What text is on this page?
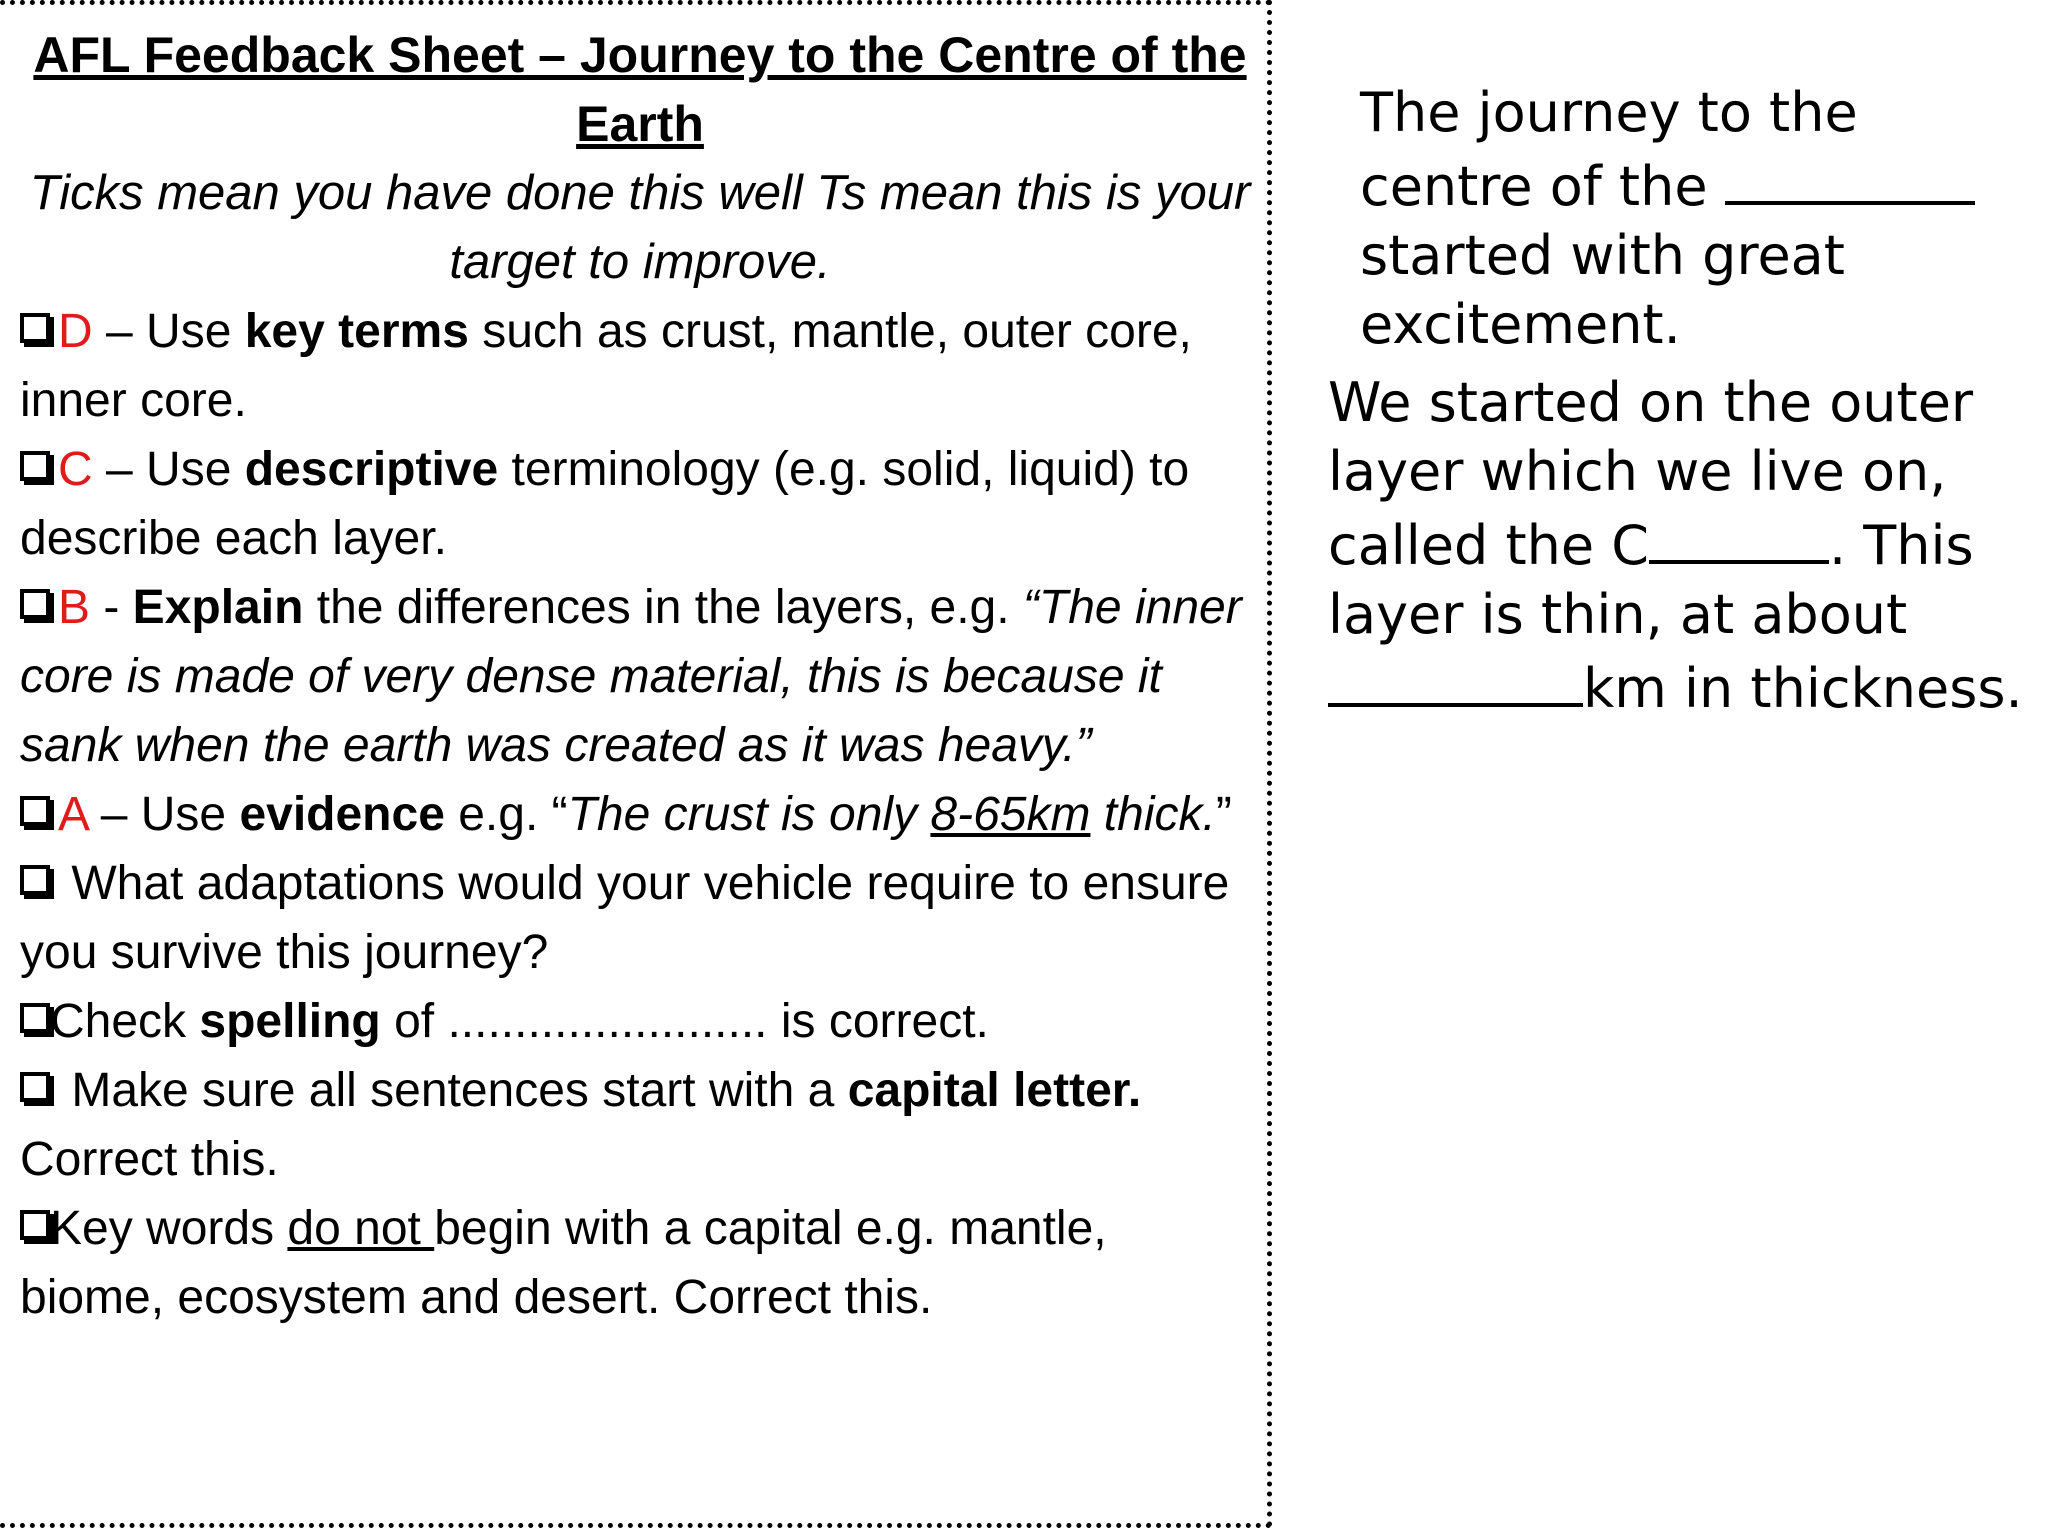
AFL Feedback Sheet – Journey to the Centre of the
Earth
Ticks mean you have done this well Ts mean this is your target to improve.

D – Use key terms such as crust, mantle, outer core, inner core.

C – Use descriptive terminology (e.g. solid, liquid) to describe each layer.

B - Explain the differences in the layers, e.g. “The inner core is made of very dense material, this is because it sank when the earth was created as it was heavy.”

A – Use evidence e.g. “The crust is only 8-65km thick.”

What adaptations would your vehicle require to ensure you survive this journey?

Check spelling of ........................ is correct.

Make sure all sentences start with a capital letter. Correct this.

Key words do not begin with a capital e.g. mantle, biome, ecosystem and desert. Correct this.

The journey to the centre of the  started with great excitement.
We started on the outer layer which we live on, called the C	. This layer is thin, at about km in thickness.
